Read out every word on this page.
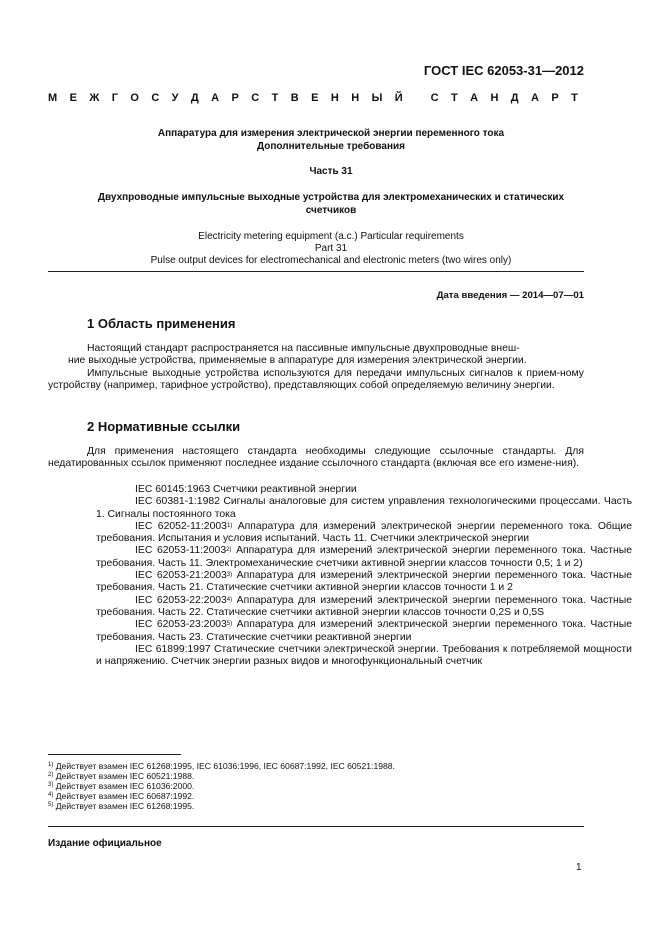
ГОСТ IEC 62053-31—2012
М Е Ж Г О С У Д А Р С Т В Е Н Н Ы Й
	С Т А Н Д А Р Т
Аппаратура для измерения электрической энергии переменного тока
Дополнительные требования
Часть 31
Двухпроводные импульсные выходные устройства для электромеханических и статических
счетчиков
Electricity metering equipment (a.c.) Particular requirements
Part 31
Pulse output devices for electromechanical and electronic meters (two wires only)
Дата введения — 2014—07—01
1 Область применения
Настоящий стандарт распространяется на пассивные импульсные двухпроводные внеш-
ние выходные устройства, применяемые в аппаратуре для измерения электрической энергии.
Импульсные выходные устройства используются для передачи импульсных сигналов к прием-ному устройству (например, тарифное устройство), представляющих собой определяемую величину энергии.
2 Нормативные ссылки
Для применения настоящего стандарта необходимы следующие ссылочные стандарты. Для недатированных ссылок применяют последнее издание ссылочного стандарта (включая все его измене-ния).
IEC 60145:1963 Счетчики реактивной энергии
IEC 60381-1:1982 Сигналы аналоговые для систем управления технологическими процессами. Часть 1. Сигналы постоянного тока
IEC 62052-11:2003$^{1)}$ Аппаратура для измерений электрической энергии переменного тока. Общие требования. Испытания и условия испытаний. Часть 11. Счетчики электрической энергии
IEC 62053-11:2003$^{2)}$ Аппаратура для измерений электрической энергии переменного тока. Частные требования. Часть 11. Электромеханические счетчики активной энергии классов точности 0,5; 1 и 2)
IEC 62053-21:2003$^{3)}$ Аппаратура для измерений электрической энергии переменного тока. Частные требования. Часть 21. Статические счетчики активной энергии классов точности 1 и 2
IEC 62053-22:2003$^{4)}$ Аппаратура для измерений электрической энергии переменного тока. Частные требования. Часть 22. Статические счетчики активной энергии классов точности 0,2S и 0,5S
IEC 62053-23:2003$^{5)}$ Аппаратура для измерений электрической энергии переменного тока. Частные требования. Часть 23. Статические счетчики реактивной энергии
IEC 61899:1997 Статические счетчики электрической энергии. Требования к потребляемой мощности и напряжению. Счетчик энергии разных видов и многофункциональный счетчик
$^{1)}$ Действует взамен IEC 61268:1995, IEC 61036:1996, IEC 60687:1992, IEC 60521:1988.
$^{2)}$ Действует взамен IEC 60521:1988.
$^{3)}$ Действует взамен IEC 61036:2000.
$^{4)}$ Действует взамен IEC 60687:1992.
$^{5)}$ Действует взамен IEC 61268:1995.
Издание официальное
1
